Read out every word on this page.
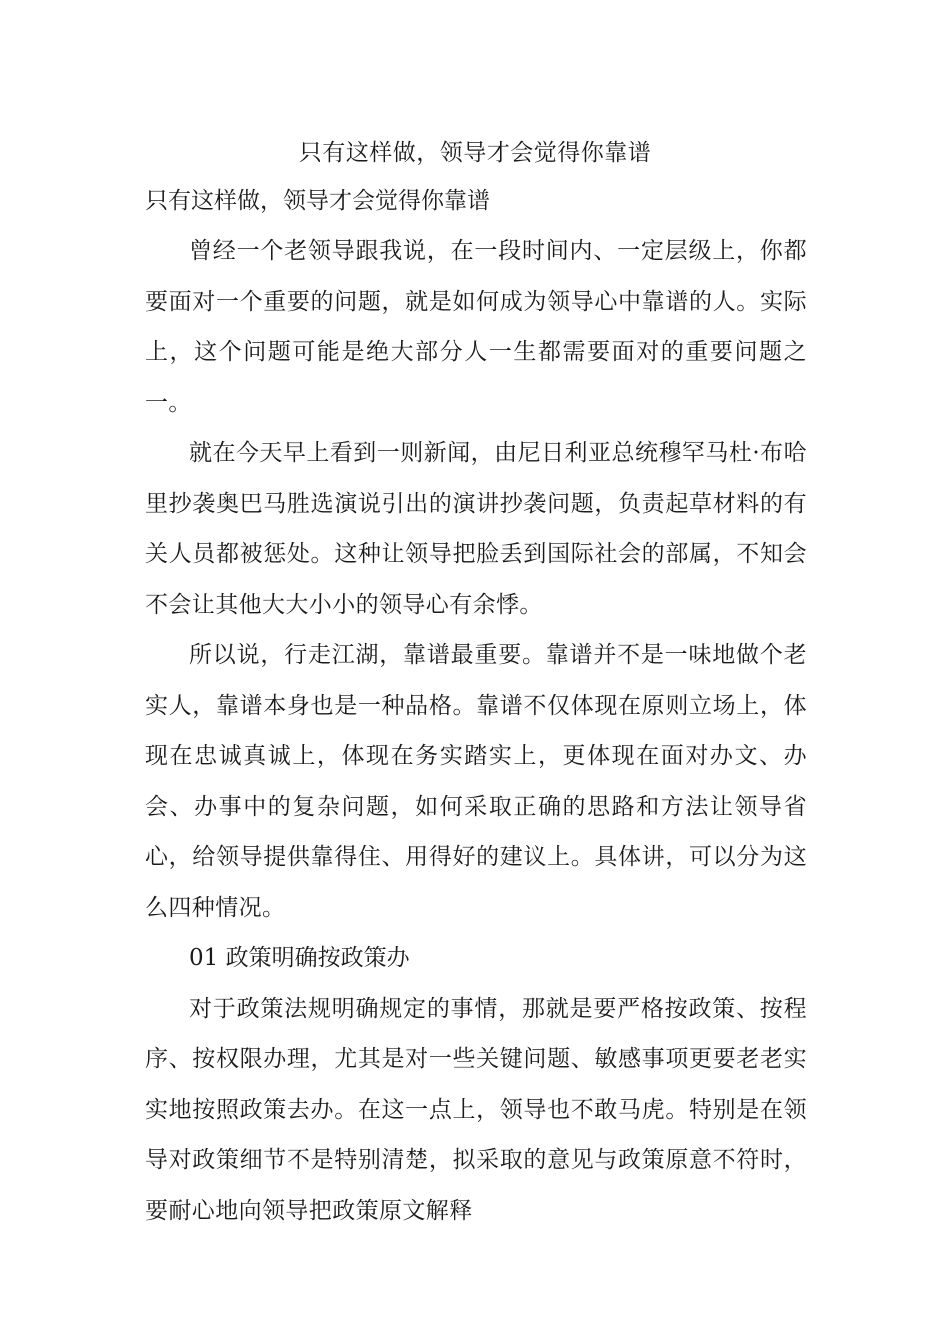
只有这样做，领导才会觉得你靠谱

只有这样做，领导才会觉得你靠谱

曾经一个老领导跟我说，在一段时间内、一定层级上，你都要面对一个重要的问题，就是如何成为领导心中靠谱的人。实际上，这个问题可能是绝大部分人一生都需要面对的重要问题之一。

就在今天早上看到一则新闻，由尼日利亚总统穆罕马杜·布哈里抄袭奥巴马胜选演说引出的演讲抄袭问题，负责起草材料的有关人员都被惩处。这种让领导把脸丢到国际社会的部属，不知会不会让其他大大小小的领导心有余悸。

所以说，行走江湖，靠谱最重要。靠谱并不是一味地做个老实人，靠谱本身也是一种品格。靠谱不仅体现在原则立场上，体现在忠诚真诚上，体现在务实踏实上，更体现在面对办文、办会、办事中的复杂问题，如何采取正确的思路和方法让领导省心，给领导提供靠得住、用得好的建议上。具体讲，可以分为这么四种情况。

01 政策明确按政策办

对于政策法规明确规定的事情，那就是要严格按政策、按程序、按权限办理，尤其是对一些关键问题、敏感事项更要老老实实地按照政策去办。在这一点上，领导也不敢马虎。特别是在领导对政策细节不是特别清楚，拟采取的意见与政策原意不符时，要耐心地向领导把政策原文解释
